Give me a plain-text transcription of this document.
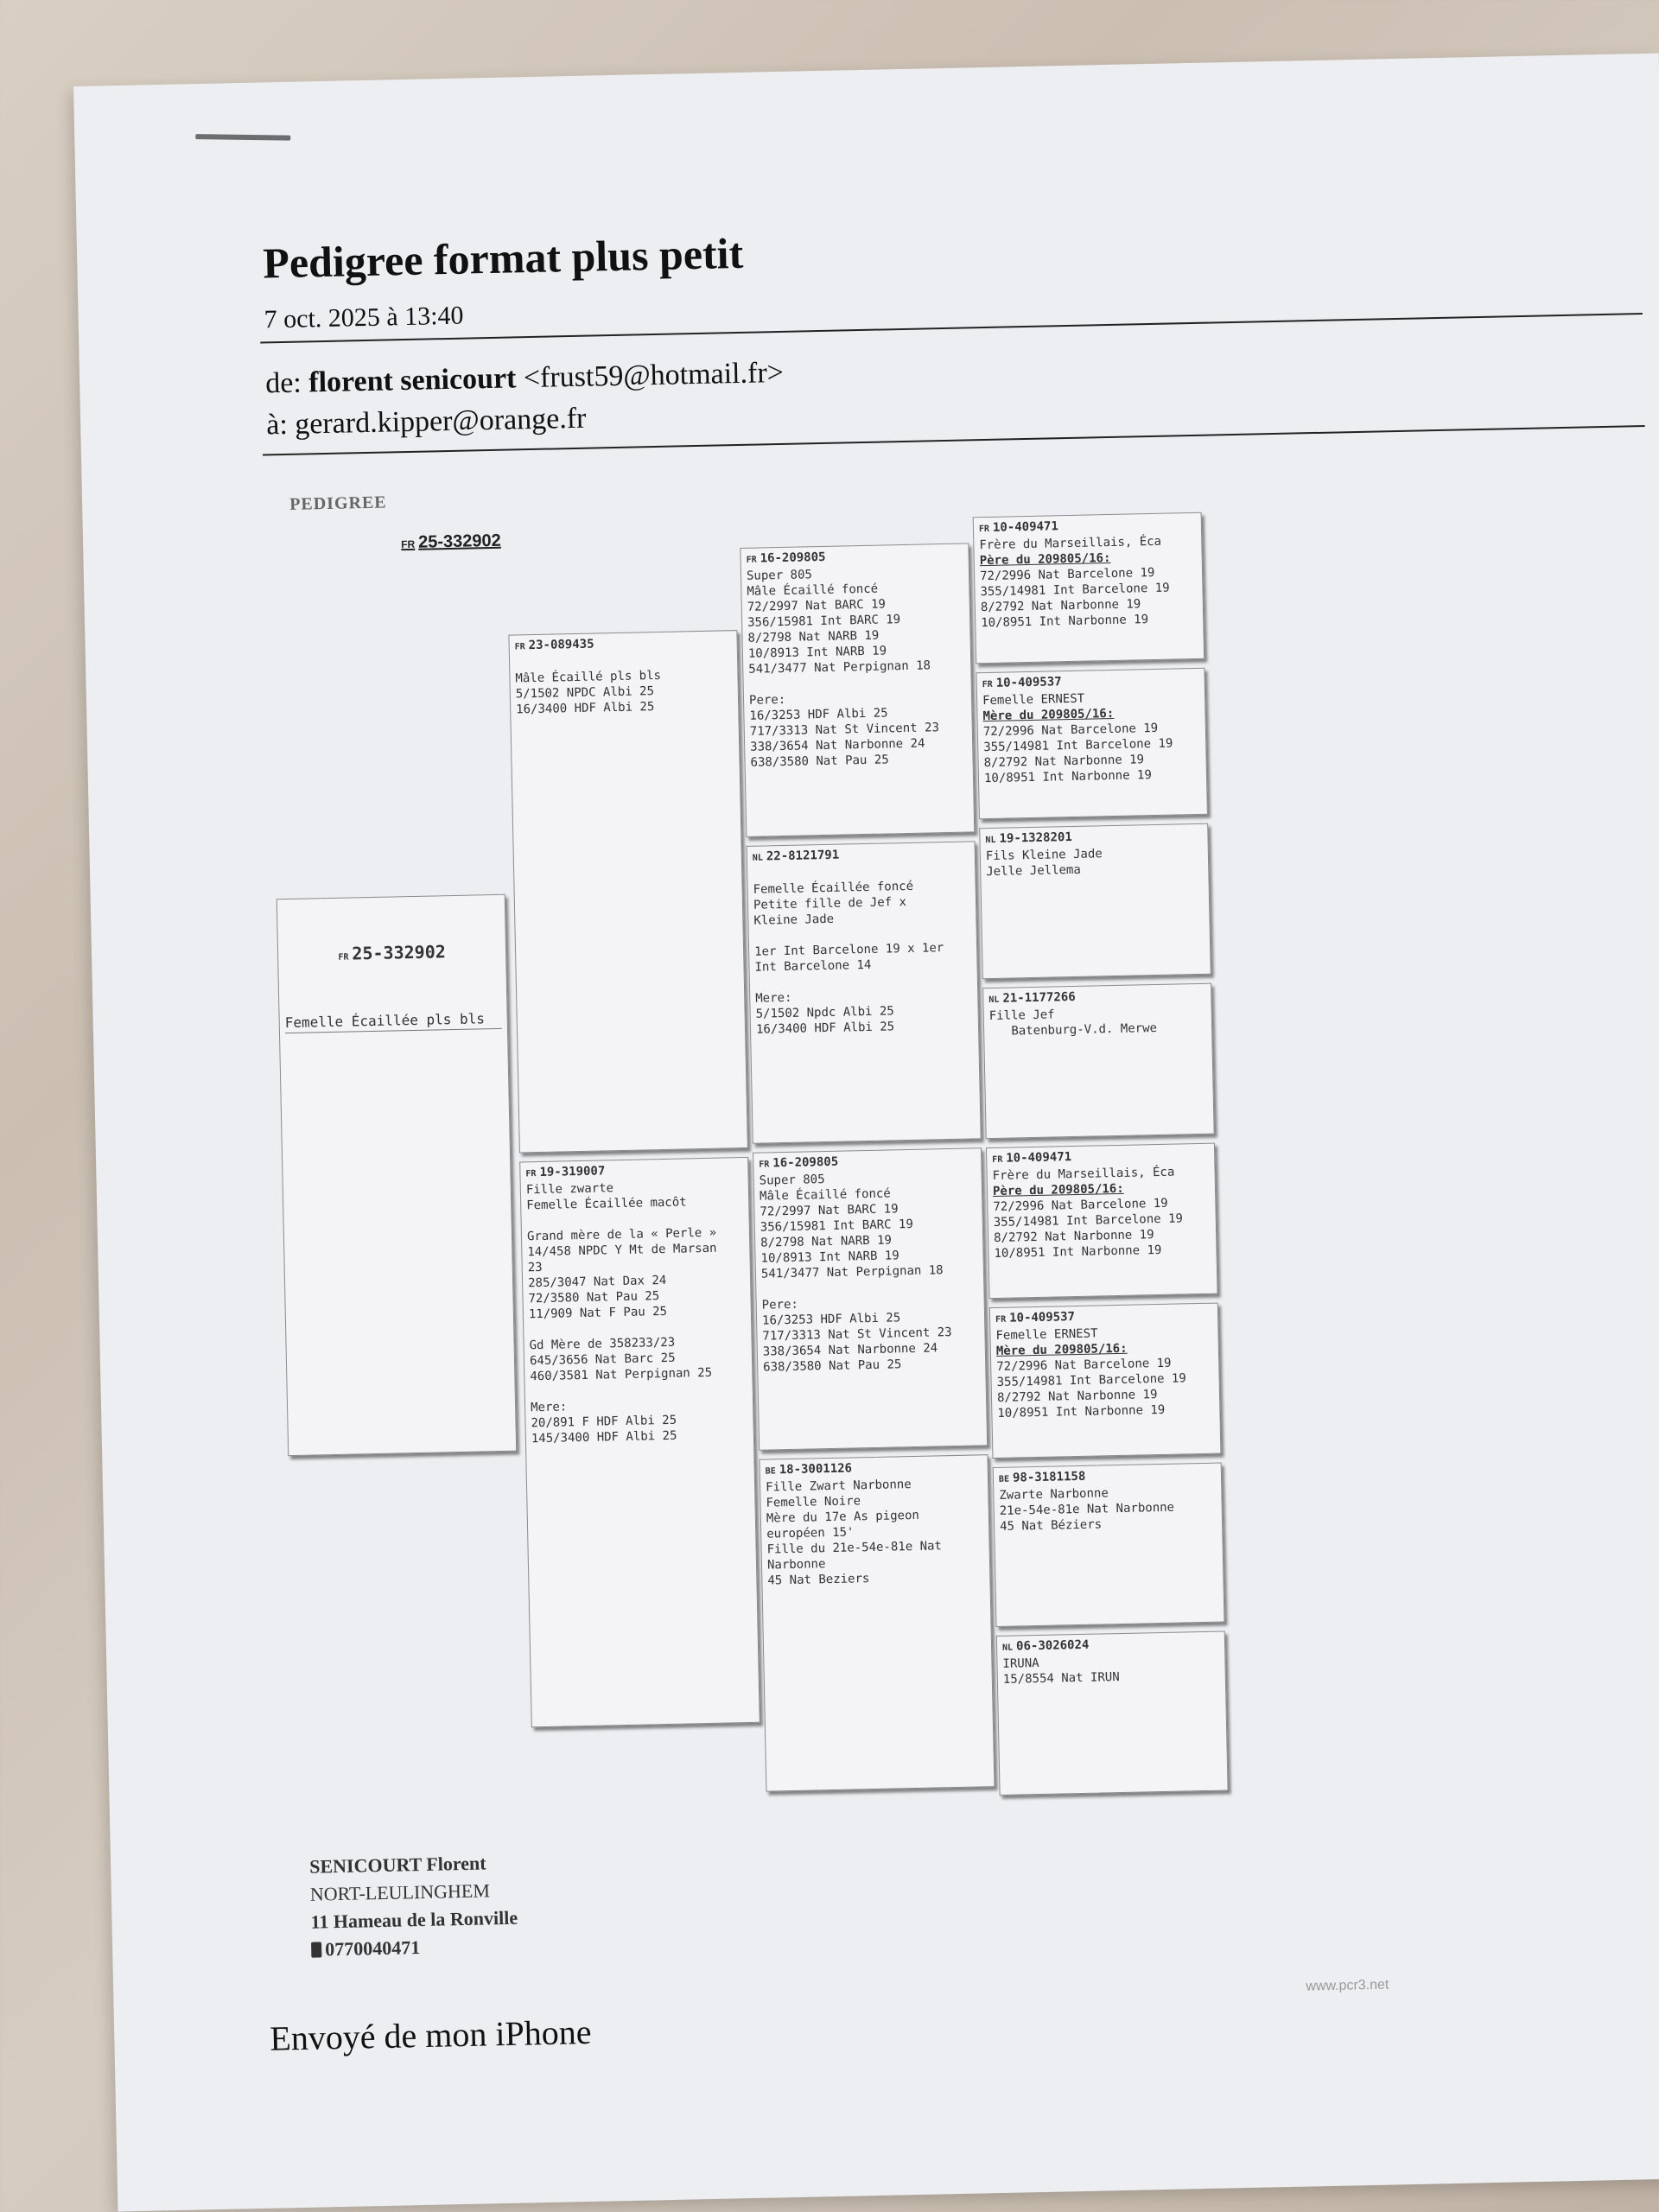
Pedigree format plus petit
7 oct. 2025 à 13:40
de: florent senicourt <frust59@hotmail.fr>
à: gerard.kipper@orange.fr
PEDIGREE
FR 25-332902

FR 25-332902

Femelle Écaillée pls bls

FR 23-089435

Mâle Écaillé pls bls
5/1502 NPDC Albi 25
16/3400 HDF Albi 25
FR 19-319007
Fille zwarte
Femelle Écaillée macôt

Grand mère de la « Perle »
14/458 NPDC Y Mt de Marsan
23
285/3047 Nat Dax 24
72/3580 Nat Pau 25
11/909 Nat F Pau 25

Gd Mère de 358233/23
645/3656 Nat Barc 25
460/3581 Nat Perpignan 25

Mere:
20/891 F HDF Albi 25
145/3400 HDF Albi 25
FR 16-209805
Super 805
Mâle Écaillé foncé
72/2997 Nat BARC 19
356/15981 Int BARC 19
8/2798 Nat NARB 19
10/8913 Int NARB 19
541/3477 Nat Perpignan 18

Pere:
16/3253 HDF Albi 25
717/3313 Nat St Vincent 23
338/3654 Nat Narbonne 24
638/3580 Nat Pau 25
NL 22-8121791

Femelle Écaillée foncé
Petite fille de Jef x
Kleine Jade

1er Int Barcelone 19 x 1er
Int Barcelone 14

Mere:
5/1502 Npdc Albi 25
16/3400 HDF Albi 25
FR 16-209805
Super 805
Mâle Écaillé foncé
72/2997 Nat BARC 19
356/15981 Int BARC 19
8/2798 Nat NARB 19
10/8913 Int NARB 19
541/3477 Nat Perpignan 18

Pere:
16/3253 HDF Albi 25
717/3313 Nat St Vincent 23
338/3654 Nat Narbonne 24
638/3580 Nat Pau 25
BE 18-3001126
Fille Zwart Narbonne
Femelle Noire
Mère du 17e As pigeon
européen 15'
Fille du 21e-54e-81e Nat
Narbonne
45 Nat Beziers
FR 10-409471
Frère du Marseillais, Éca
Père du 209805/16:
72/2996 Nat Barcelone 19
355/14981 Int Barcelone 19
8/2792 Nat Narbonne 19
10/8951 Int Narbonne 19
FR 10-409537
Femelle ERNEST
Mère du 209805/16:
72/2996 Nat Barcelone 19
355/14981 Int Barcelone 19
8/2792 Nat Narbonne 19
10/8951 Int Narbonne 19
NL 19-1328201
Fils Kleine Jade
Jelle Jellema
NL 21-1177266
Fille Jef
Batenburg-V.d. Merwe
FR 10-409471
Frère du Marseillais, Éca
Père du 209805/16:
72/2996 Nat Barcelone 19
355/14981 Int Barcelone 19
8/2792 Nat Narbonne 19
10/8951 Int Narbonne 19
FR 10-409537
Femelle ERNEST
Mère du 209805/16:
72/2996 Nat Barcelone 19
355/14981 Int Barcelone 19
8/2792 Nat Narbonne 19
10/8951 Int Narbonne 19
BE 98-3181158
Zwarte Narbonne
21e-54e-81e Nat Narbonne
45 Nat Béziers
NL 06-3026024
IRUNA
15/8554 Nat IRUN
SENICOURT Florent
NORT-LEULINGHEM
11 Hameau de la Ronville
0770040471
www.pcr3.net
Envoyé de mon iPhone
